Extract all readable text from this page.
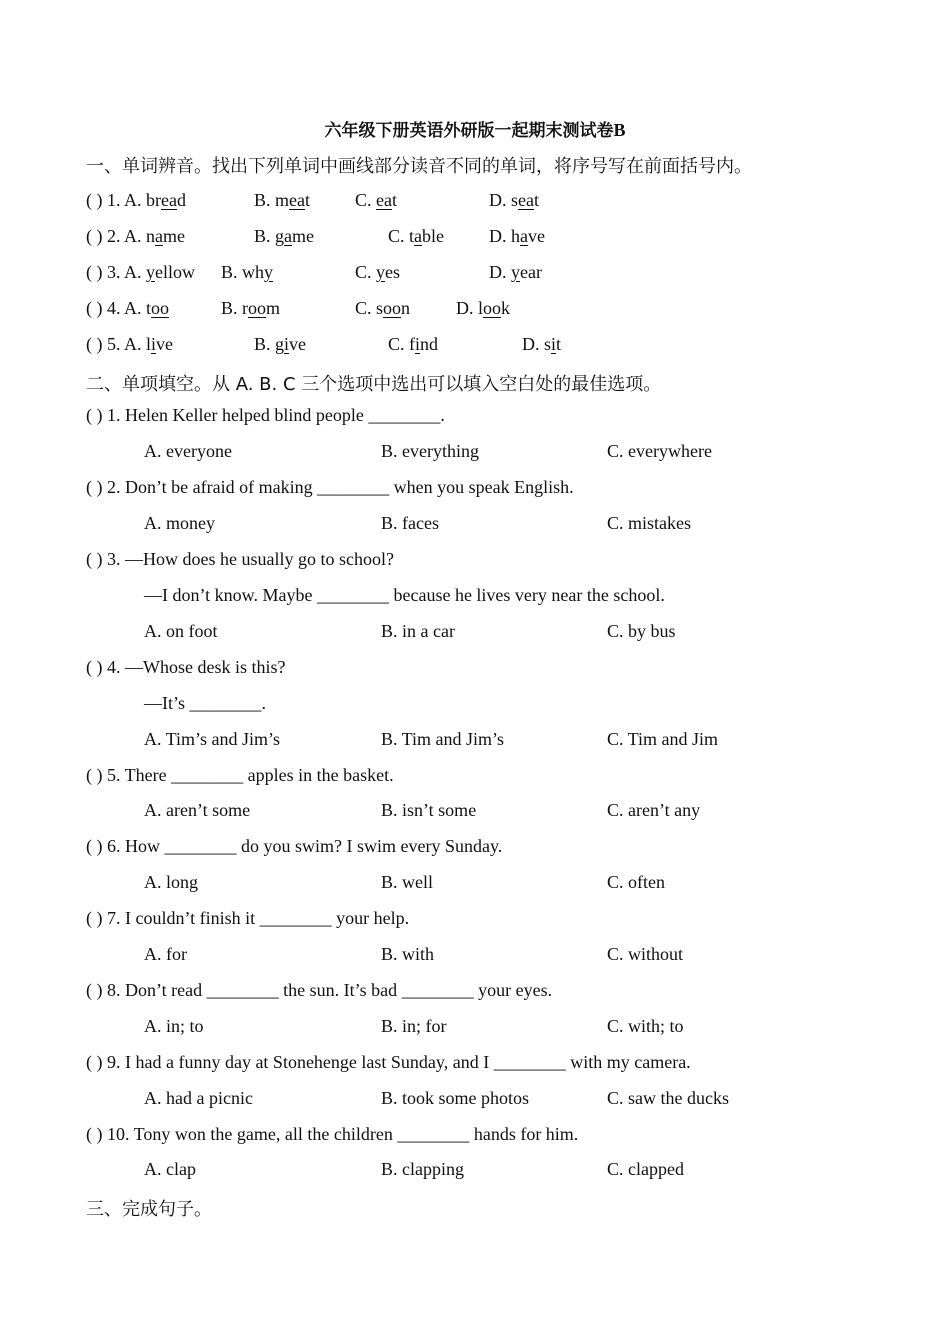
六年级下册英语外研版一起期末测试卷B
一、单词辨音。找出下列单词中画线部分读音不同的单词，将序号写在前面括号内。
( ) 1. A. bread	B. meat C. eat	D. seat
( ) 2. A. name	B. game	C. table D. have
( ) 3. A. yellow B. why	C. yes	D. year
( ) 4. A. too	B. room	C. soon	D. look
( ) 5. A. live	B. give	C. find	D. sit
二、单项填空。从 A. B. C 三个选项中选出可以填入空白处的最佳选项。
( ) 1. Helen Keller helped blind people ________.
A. everyone	B. everything	C. everywhere
( ) 2. Don’t be afraid of making ________ when you speak English.
A. money	B. faces	C. mistakes
( ) 3. —How does he usually go to school?
—I don’t know. Maybe ________ because he lives very near the school.
A. on foot	B. in a car	C. by bus
( ) 4. —Whose desk is this?
—It’s ________.
A. Tim’s and Jim’s	B. Tim and Jim’s	C. Tim and Jim
( ) 5. There ________ apples in the basket.
A. aren’t some	B. isn’t some	C. aren’t any
( ) 6. How ________ do you swim? I swim every Sunday.
A. long	B. well	C. often
( ) 7. I couldn’t finish it ________ your help.
A. for	B. with	C. without
( ) 8. Don’t read ________ the sun. It’s bad ________ your eyes.
A. in; to	B. in; for	C. with; to
( ) 9. I had a funny day at Stonehenge last Sunday, and I ________ with my camera.
A. had a picnic	B. took some photos	C. saw the ducks
( ) 10. Tony won the game, all the children ________ hands for him.
A. clap	B. clapping	C. clapped
三、完成句子。
